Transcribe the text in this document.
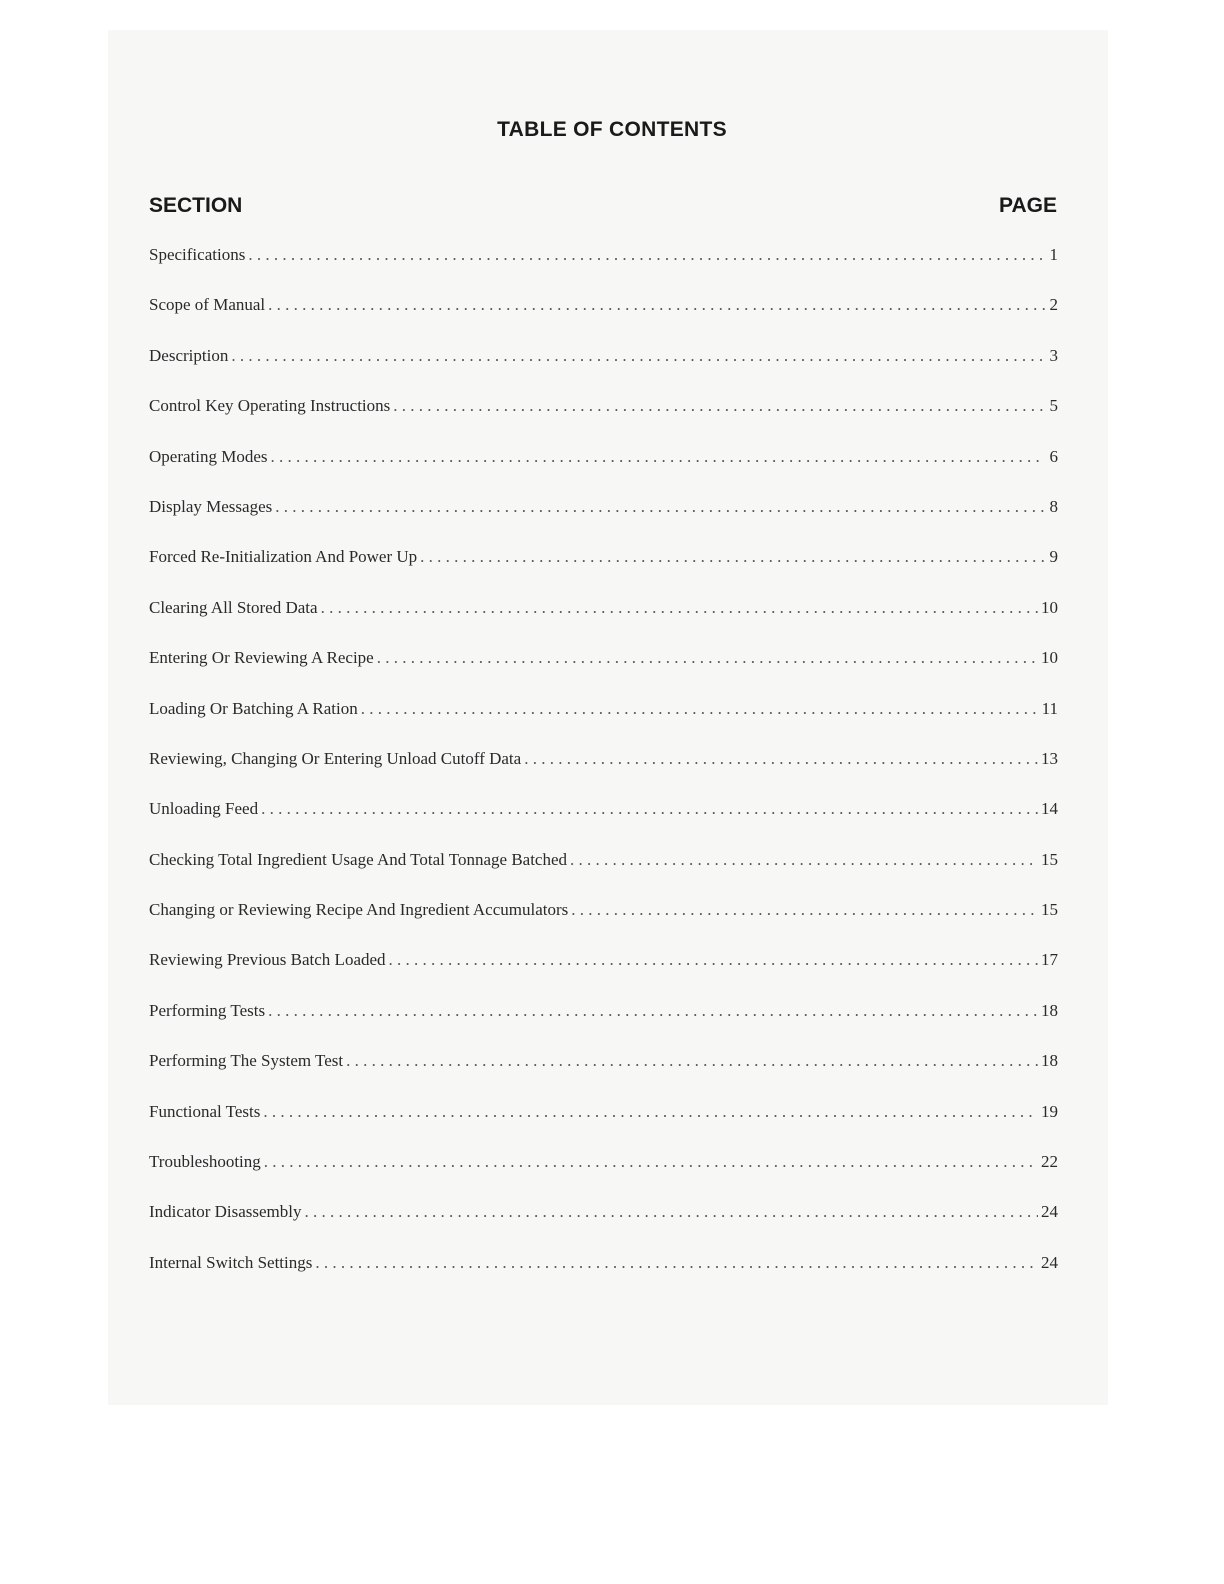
TABLE OF CONTENTS
SECTION	PAGE
Specifications . . .	1
Scope of Manual . . .	2
Description . . .	3
Control Key Operating Instructions . . .	5
Operating Modes . . .	6
Display Messages . . .	8
Forced Re-Initialization And Power Up . . .	9
Clearing All Stored Data . . .	10
Entering Or Reviewing A Recipe . . .	10
Loading Or Batching A Ration . . .	11
Reviewing, Changing Or Entering Unload Cutoff Data . . .	13
Unloading Feed . . .	14
Checking Total Ingredient Usage And Total Tonnage Batched . . .	15
Changing or Reviewing Recipe And Ingredient Accumulators . . .	15
Reviewing Previous Batch Loaded . . .	17
Performing Tests . . .	18
Performing The System Test . . .	18
Functional Tests . . .	19
Troubleshooting . . .	22
Indicator Disassembly . . .	24
Internal Switch Settings . . .	24
